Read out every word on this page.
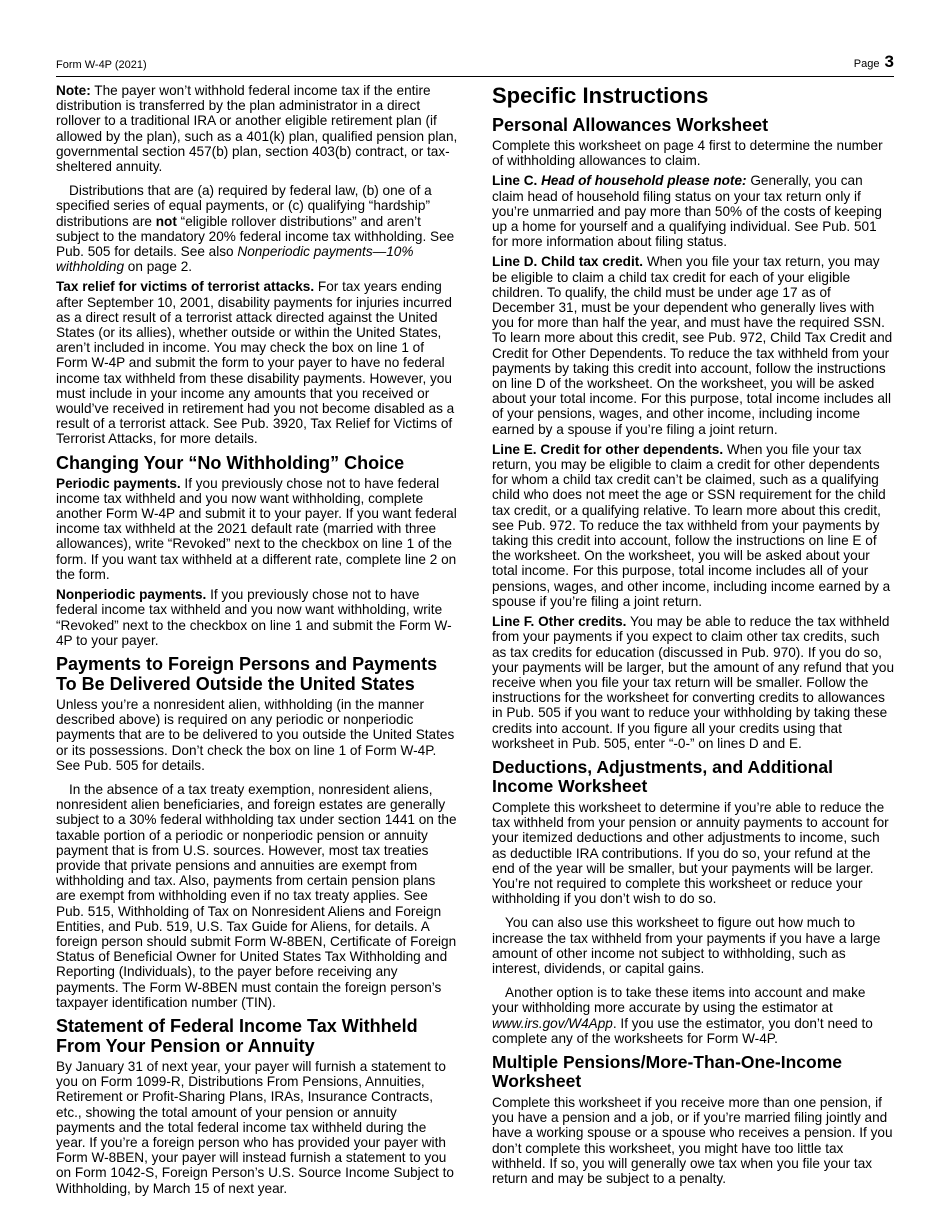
Form W-4P (2021)	Page 3

Note: The payer won’t withhold federal income tax if the entire distribution is transferred by the plan administrator in a direct rollover to a traditional IRA or another eligible retirement plan (if allowed by the plan), such as a 401(k) plan, qualified pension plan, governmental section 457(b) plan, section 403(b) contract, or tax-sheltered annuity.

Distributions that are (a) required by federal law, (b) one of a specified series of equal payments, or (c) qualifying “hardship” distributions are not “eligible rollover distributions” and aren’t subject to the mandatory 20% federal income tax withholding. See Pub. 505 for details. See also Nonperiodic payments—10% withholding on page 2.

Tax relief for victims of terrorist attacks. For tax years ending after September 10, 2001, disability payments for injuries incurred as a direct result of a terrorist attack directed against the United States (or its allies), whether outside or within the United States, aren’t included in income. You may check the box on line 1 of Form W-4P and submit the form to your payer to have no federal income tax withheld from these disability payments. However, you must include in your income any amounts that you received or would’ve received in retirement had you not become disabled as a result of a terrorist attack. See Pub. 3920, Tax Relief for Victims of Terrorist Attacks, for more details.

Changing Your “No Withholding” Choice

Periodic payments. If you previously chose not to have federal income tax withheld and you now want withholding, complete another Form W-4P and submit it to your payer. If you want federal income tax withheld at the 2021 default rate (married with three allowances), write “Revoked” next to the checkbox on line 1 of the form. If you want tax withheld at a different rate, complete line 2 on the form.

Nonperiodic payments. If you previously chose not to have federal income tax withheld and you now want withholding, write “Revoked” next to the checkbox on line 1 and submit the Form W-4P to your payer.

Payments to Foreign Persons and Payments To Be Delivered Outside the United States

Unless you’re a nonresident alien, withholding (in the manner described above) is required on any periodic or nonperiodic payments that are to be delivered to you outside the United States or its possessions. Don’t check the box on line 1 of Form W-4P. See Pub. 505 for details.

In the absence of a tax treaty exemption, nonresident aliens, nonresident alien beneficiaries, and foreign estates are generally subject to a 30% federal withholding tax under section 1441 on the taxable portion of a periodic or nonperiodic pension or annuity payment that is from U.S. sources. However, most tax treaties provide that private pensions and annuities are exempt from withholding and tax. Also, payments from certain pension plans are exempt from withholding even if no tax treaty applies. See Pub. 515, Withholding of Tax on Nonresident Aliens and Foreign Entities, and Pub. 519, U.S. Tax Guide for Aliens, for details. A foreign person should submit Form W-8BEN, Certificate of Foreign Status of Beneficial Owner for United States Tax Withholding and Reporting (Individuals), to the payer before receiving any payments. The Form W-8BEN must contain the foreign person’s taxpayer identification number (TIN).

Statement of Federal Income Tax Withheld From Your Pension or Annuity

By January 31 of next year, your payer will furnish a statement to you on Form 1099-R, Distributions From Pensions, Annuities, Retirement or Profit-Sharing Plans, IRAs, Insurance Contracts, etc., showing the total amount of your pension or annuity payments and the total federal income tax withheld during the year. If you’re a foreign person who has provided your payer with Form W-8BEN, your payer will instead furnish a statement to you on Form 1042-S, Foreign Person’s U.S. Source Income Subject to Withholding, by March 15 of next year.

Specific Instructions
Personal Allowances Worksheet

Complete this worksheet on page 4 first to determine the number of withholding allowances to claim.

Line C. Head of household please note: Generally, you can claim head of household filing status on your tax return only if you’re unmarried and pay more than 50% of the costs of keeping up a home for yourself and a qualifying individual. See Pub. 501 for more information about filing status.

Line D. Child tax credit. When you file your tax return, you may be eligible to claim a child tax credit for each of your eligible children. To qualify, the child must be under age 17 as of December 31, must be your dependent who generally lives with you for more than half the year, and must have the required SSN. To learn more about this credit, see Pub. 972, Child Tax Credit and Credit for Other Dependents. To reduce the tax withheld from your payments by taking this credit into account, follow the instructions on line D of the worksheet. On the worksheet, you will be asked about your total income. For this purpose, total income includes all of your pensions, wages, and other income, including income earned by a spouse if you’re filing a joint return.

Line E. Credit for other dependents. When you file your tax return, you may be eligible to claim a credit for other dependents for whom a child tax credit can’t be claimed, such as a qualifying child who does not meet the age or SSN requirement for the child tax credit, or a qualifying relative. To learn more about this credit, see Pub. 972. To reduce the tax withheld from your payments by taking this credit into account, follow the instructions on line E of the worksheet. On the worksheet, you will be asked about your total income. For this purpose, total income includes all of your pensions, wages, and other income, including income earned by a spouse if you’re filing a joint return.

Line F. Other credits. You may be able to reduce the tax withheld from your payments if you expect to claim other tax credits, such as tax credits for education (discussed in Pub. 970). If you do so, your payments will be larger, but the amount of any refund that you receive when you file your tax return will be smaller. Follow the instructions for the worksheet for converting credits to allowances in Pub. 505 if you want to reduce your withholding by taking these credits into account. If you figure all your credits using that worksheet in Pub. 505, enter “-0-” on lines D and E.

Deductions, Adjustments, and Additional Income Worksheet

Complete this worksheet to determine if you’re able to reduce the tax withheld from your pension or annuity payments to account for your itemized deductions and other adjustments to income, such as deductible IRA contributions. If you do so, your refund at the end of the year will be smaller, but your payments will be larger. You’re not required to complete this worksheet or reduce your withholding if you don’t wish to do so.

You can also use this worksheet to figure out how much to increase the tax withheld from your payments if you have a large amount of other income not subject to withholding, such as interest, dividends, or capital gains.

Another option is to take these items into account and make your withholding more accurate by using the estimator at www.irs.gov/W4App. If you use the estimator, you don’t need to complete any of the worksheets for Form W-4P.

Multiple Pensions/More-Than-One-Income Worksheet

Complete this worksheet if you receive more than one pension, if you have a pension and a job, or if you’re married filing jointly and have a working spouse or a spouse who receives a pension. If you don’t complete this worksheet, you might have too little tax withheld. If so, you will generally owe tax when you file your tax return and may be subject to a penalty.
